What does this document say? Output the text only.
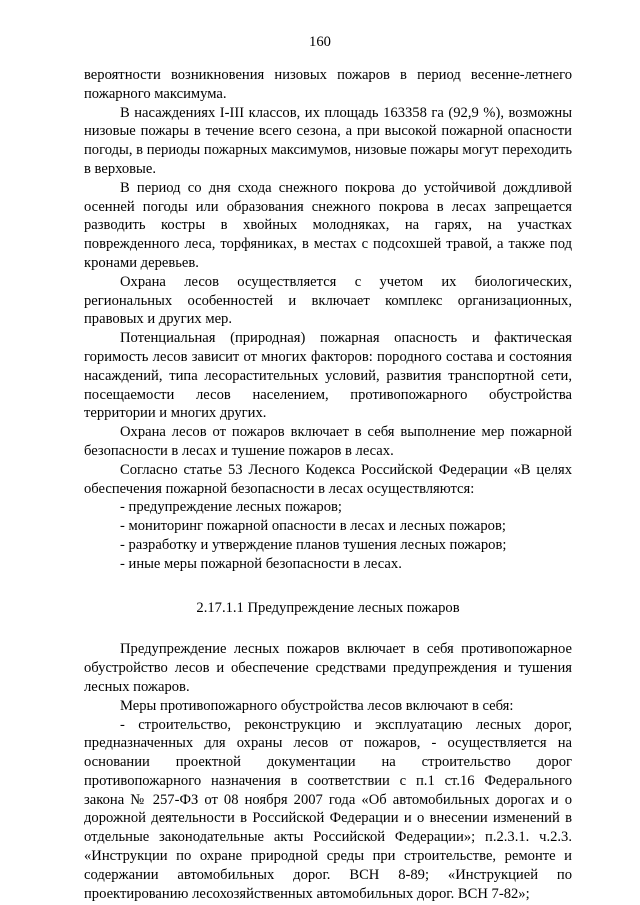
160

вероятности возникновения низовых пожаров в период весенне-летнего пожарного максимума.

В насаждениях I-III классов, их площадь 163358 га (92,9 %), возможны низовые пожары в течение всего сезона, а при высокой пожарной опасности погоды, в периоды пожарных максимумов, низовые пожары могут переходить в верховые.

В период со дня схода снежного покрова до устойчивой дождливой осенней погоды или образования снежного покрова в лесах запрещается разводить костры в хвойных молодняках, на гарях, на участках поврежденного леса, торфяниках, в местах с подсохшей травой, а также под кронами деревьев.

Охрана лесов осуществляется с учетом их биологических, региональных особенностей и включает комплекс организационных, правовых и других мер.

Потенциальная (природная) пожарная опасность и фактическая горимость лесов зависит от многих факторов: породного состава и состояния насаждений, типа лесорастительных условий, развития транспортной сети, посещаемости лесов населением, противопожарного обустройства территории и многих других.

Охрана лесов от пожаров включает в себя выполнение мер пожарной безопасности в лесах и тушение пожаров в лесах.

Согласно статье 53 Лесного Кодекса Российской Федерации «В целях обеспечения пожарной безопасности в лесах осуществляются:

- предупреждение лесных пожаров;

- мониторинг пожарной опасности в лесах и лесных пожаров;

- разработку и утверждение планов тушения лесных пожаров;

- иные меры пожарной безопасности в лесах.

2.17.1.1 Предупреждение лесных пожаров

Предупреждение лесных пожаров включает в себя противопожарное обустройство лесов и обеспечение средствами предупреждения и тушения лесных пожаров.

Меры противопожарного обустройства лесов включают в себя:

- строительство, реконструкцию и эксплуатацию лесных дорог, предназначенных для охраны лесов от пожаров, - осуществляется на основании проектной документации на строительство дорог противопожарного назначения в соответствии с п.1 ст.16 Федерального закона № 257-ФЗ от 08 ноября 2007 года «Об автомобильных дорогах и о дорожной деятельности в Российской Федерации и о внесении изменений в отдельные законодательные акты Российской Федерации»; п.2.3.1. ч.2.3. «Инструкции по охране природной среды при строительстве, ремонте и содержании автомобильных дорог. ВСН 8-89; «Инструкцией по проектированию лесохозяйственных автомобильных дорог. ВСН 7-82»;
